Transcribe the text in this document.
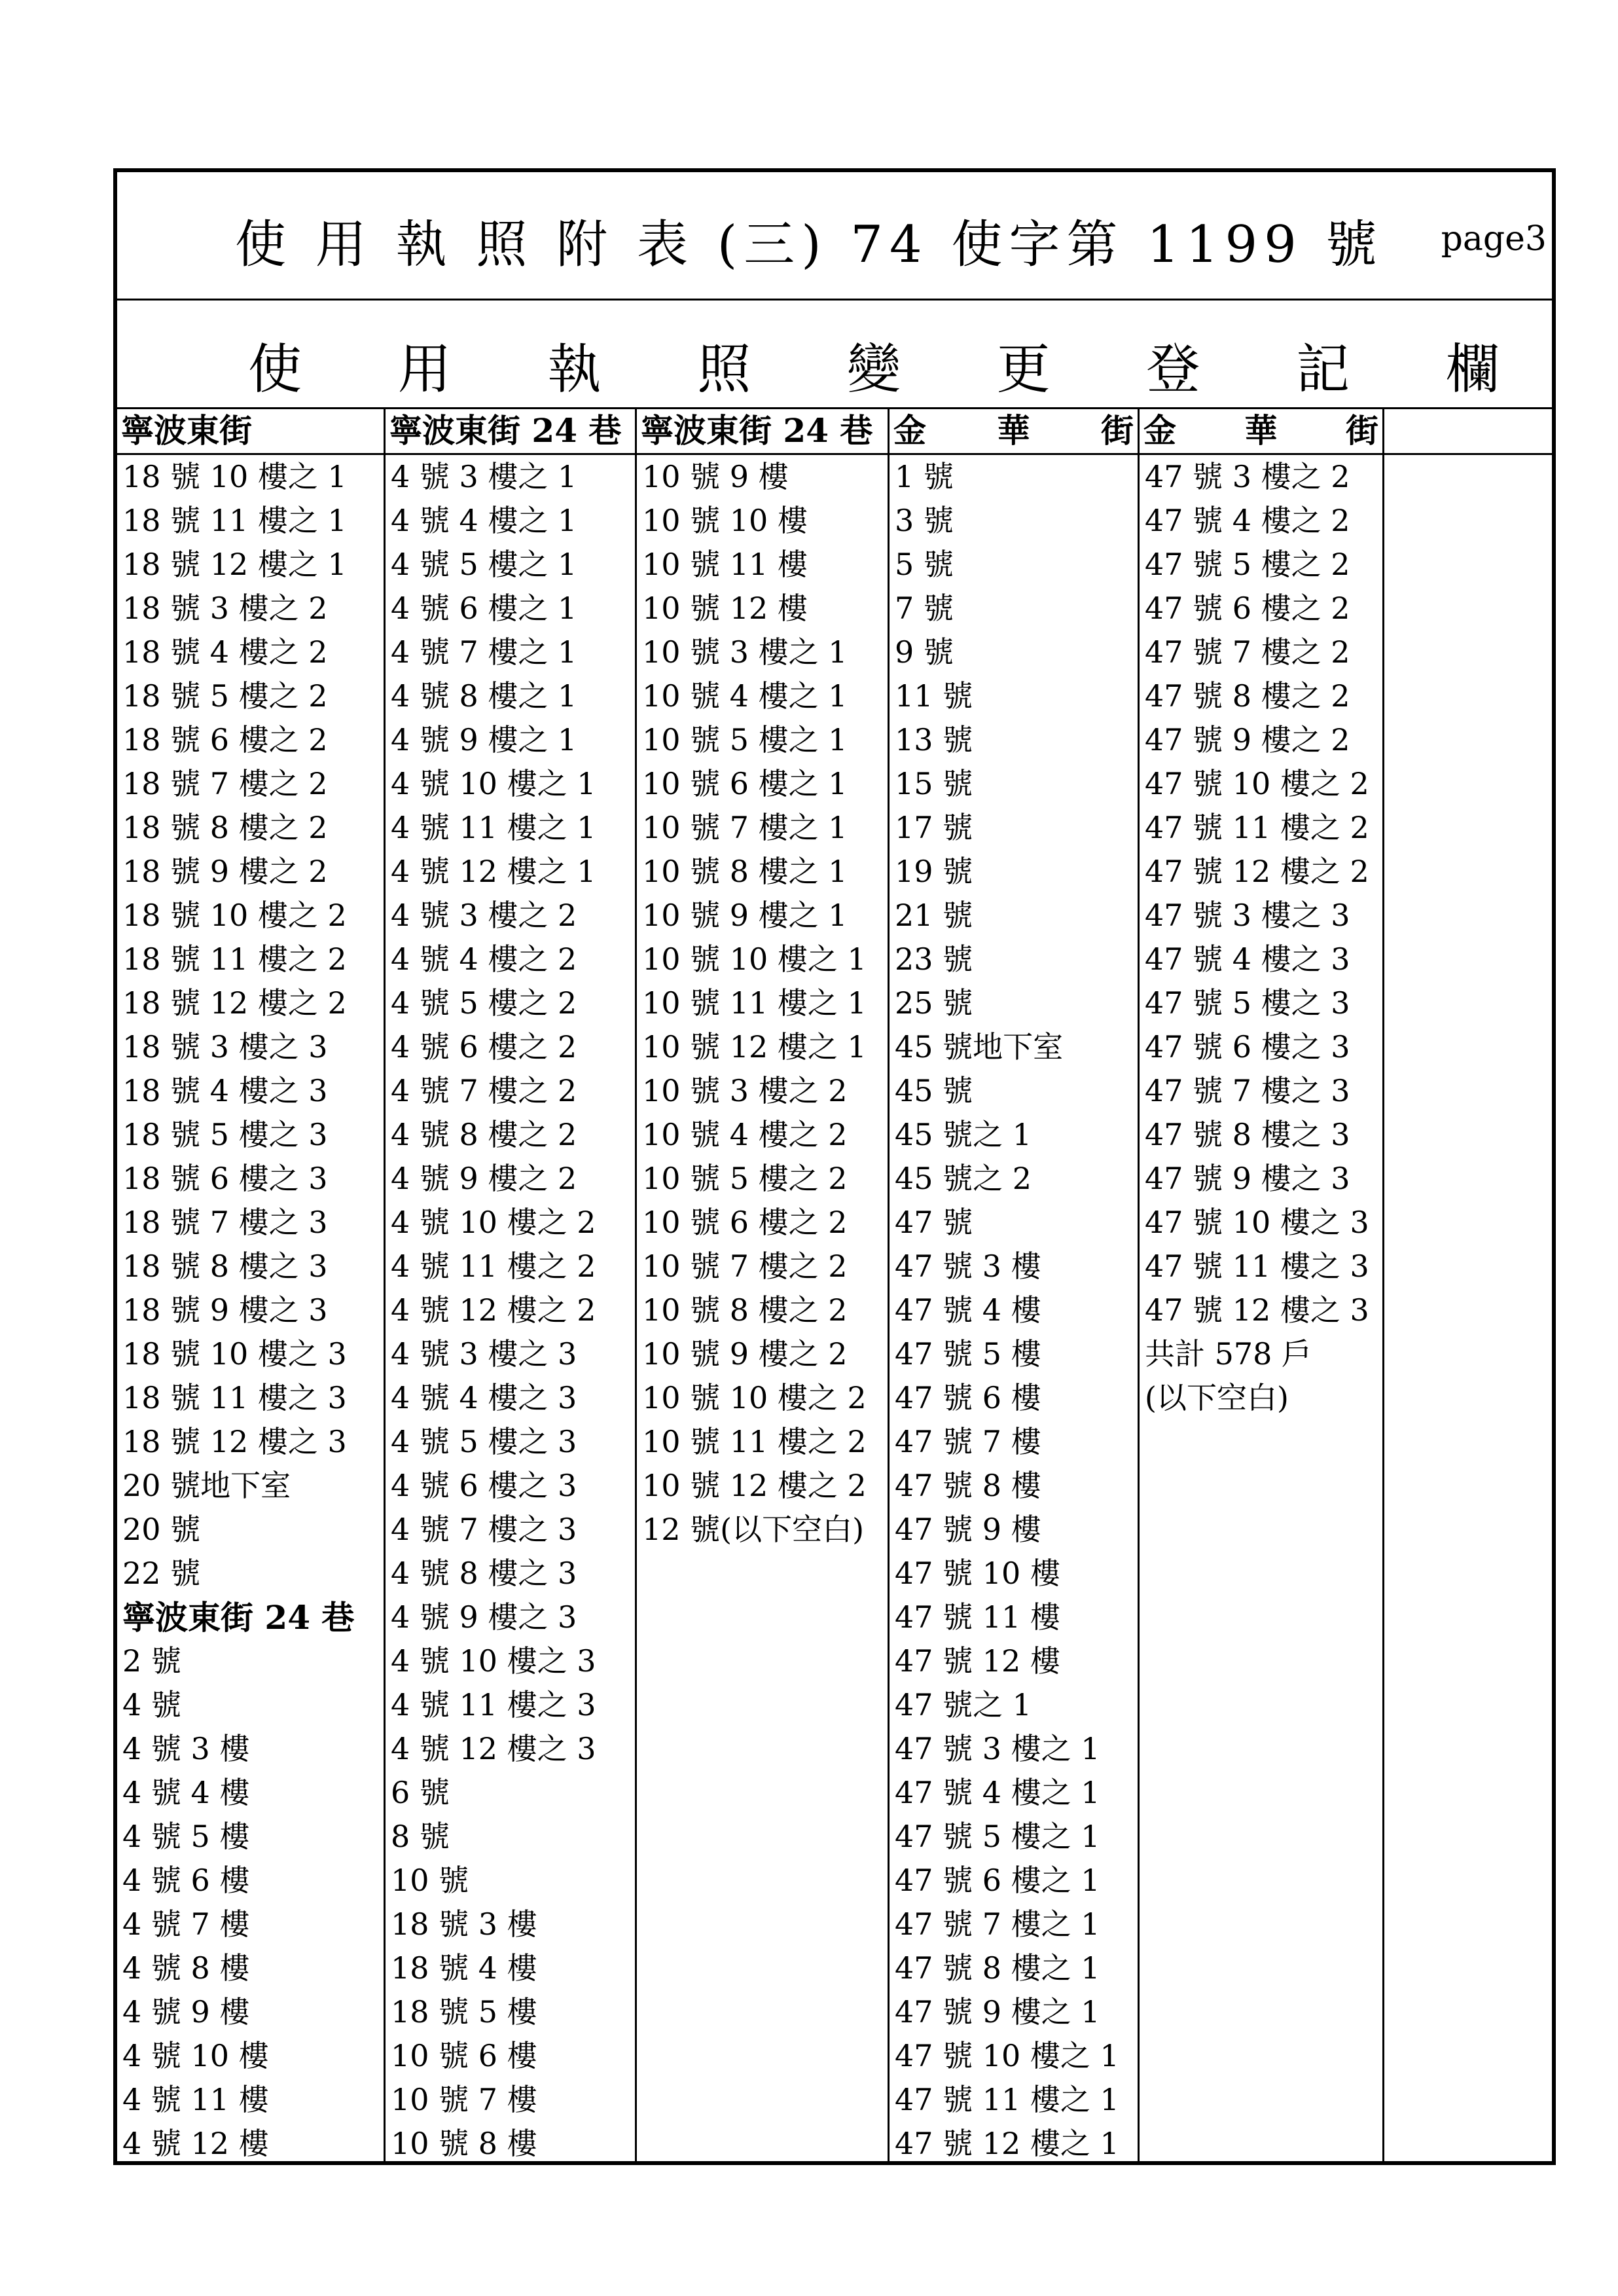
使 用 執 照 附 表 (三) 74 使字第 1199 號 page3
使 用 執 照 變 更 登 記 欄
寧波東街
18 號 10 樓之 1
18 號 11 樓之 1
18 號 12 樓之 1
18 號 3 樓之 2
18 號 4 樓之 2
18 號 5 樓之 2
18 號 6 樓之 2
18 號 7 樓之 2
18 號 8 樓之 2
18 號 9 樓之 2
18 號 10 樓之 2
18 號 11 樓之 2
18 號 12 樓之 2
18 號 3 樓之 3
18 號 4 樓之 3
18 號 5 樓之 3
18 號 6 樓之 3
18 號 7 樓之 3
18 號 8 樓之 3
18 號 9 樓之 3
18 號 10 樓之 3
18 號 11 樓之 3
18 號 12 樓之 3
20 號地下室
20 號
22 號
寧波東街 24 巷
2 號
4 號
4 號 3 樓
4 號 4 樓
4 號 5 樓
4 號 6 樓
4 號 7 樓
4 號 8 樓
4 號 9 樓
4 號 10 樓
4 號 11 樓
4 號 12 樓
寧波東街 24 巷
4 號 3 樓之 1
4 號 4 樓之 1
4 號 5 樓之 1
4 號 6 樓之 1
4 號 7 樓之 1
4 號 8 樓之 1
4 號 9 樓之 1
4 號 10 樓之 1
4 號 11 樓之 1
4 號 12 樓之 1
4 號 3 樓之 2
4 號 4 樓之 2
4 號 5 樓之 2
4 號 6 樓之 2
4 號 7 樓之 2
4 號 8 樓之 2
4 號 9 樓之 2
4 號 10 樓之 2
4 號 11 樓之 2
4 號 12 樓之 2
4 號 3 樓之 3
4 號 4 樓之 3
4 號 5 樓之 3
4 號 6 樓之 3
4 號 7 樓之 3
4 號 8 樓之 3
4 號 9 樓之 3
4 號 10 樓之 3
4 號 11 樓之 3
4 號 12 樓之 3
6 號
8 號
10 號
18 號 3 樓
18 號 4 樓
18 號 5 樓
10 號 6 樓
10 號 7 樓
10 號 8 樓
寧波東街 24 巷
10 號 9 樓
10 號 10 樓
10 號 11 樓
10 號 12 樓
10 號 3 樓之 1
10 號 4 樓之 1
10 號 5 樓之 1
10 號 6 樓之 1
10 號 7 樓之 1
10 號 8 樓之 1
10 號 9 樓之 1
10 號 10 樓之 1
10 號 11 樓之 1
10 號 12 樓之 1
10 號 3 樓之 2
10 號 4 樓之 2
10 號 5 樓之 2
10 號 6 樓之 2
10 號 7 樓之 2
10 號 8 樓之 2
10 號 9 樓之 2
10 號 10 樓之 2
10 號 11 樓之 2
10 號 12 樓之 2
12 號(以下空白)
金 華 街
1 號
3 號
5 號
7 號
9 號
11 號
13 號
15 號
17 號
19 號
21 號
23 號
25 號
45 號地下室
45 號
45 號之 1
45 號之 2
47 號
47 號 3 樓
47 號 4 樓
47 號 5 樓
47 號 6 樓
47 號 7 樓
47 號 8 樓
47 號 9 樓
47 號 10 樓
47 號 11 樓
47 號 12 樓
47 號之 1
47 號 3 樓之 1
47 號 4 樓之 1
47 號 5 樓之 1
47 號 6 樓之 1
47 號 7 樓之 1
47 號 8 樓之 1
47 號 9 樓之 1
47 號 10 樓之 1
47 號 11 樓之 1
47 號 12 樓之 1
金 華 街
47 號 3 樓之 2
47 號 4 樓之 2
47 號 5 樓之 2
47 號 6 樓之 2
47 號 7 樓之 2
47 號 8 樓之 2
47 號 9 樓之 2
47 號 10 樓之 2
47 號 11 樓之 2
47 號 12 樓之 2
47 號 3 樓之 3
47 號 4 樓之 3
47 號 5 樓之 3
47 號 6 樓之 3
47 號 7 樓之 3
47 號 8 樓之 3
47 號 9 樓之 3
47 號 10 樓之 3
47 號 11 樓之 3
47 號 12 樓之 3
共計 578 戶
(以下空白)
